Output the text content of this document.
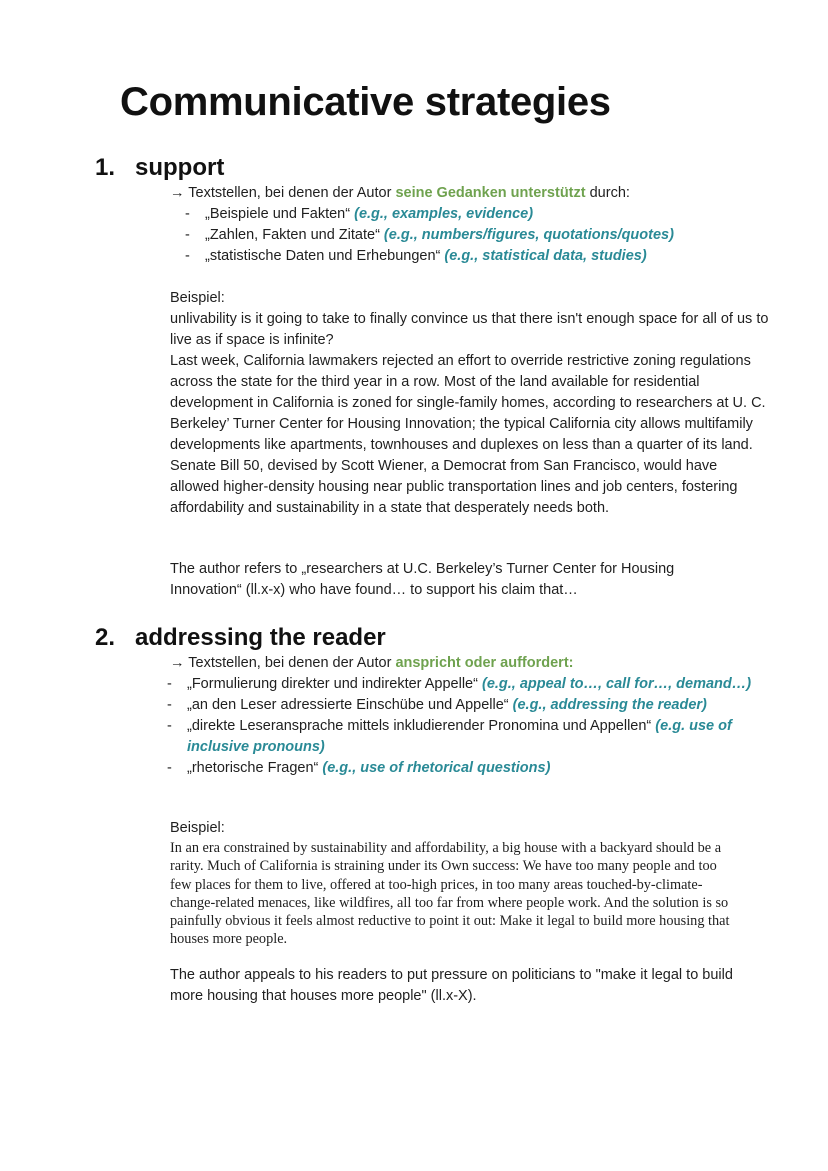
Communicative strategies
1. support
→ Textstellen, bei denen der Autor seine Gedanken unterstützt durch:
- „Beispiele und Fakten“ (e.g., examples, evidence)
- „Zahlen, Fakten und Zitate“ (e.g., numbers/figures, quotations/quotes)
- „statistische Daten und Erhebungen“ (e.g., statistical data, studies)

Beispiel:

unlivability is it going to take to finally convince us that there isn't enough space for all of us to live as if space is infinite?
Last week, California lawmakers rejected an effort to override restrictive zoning regulations across the state for the third year in a row. Most of the land available for residential development in California is zoned for single-family homes, according to researchers at U. C. Berkeley’ Turner Center for Housing Innovation; the typical California city allows multifamily developments like apartments, townhouses and duplexes on less than a quarter of its land. Senate Bill 50, devised by Scott Wiener, a Democrat from San Francisco, would have allowed higher-density housing near public transportation lines and job centers, fostering affordability and sustainability in a state that desperately needs both.

The author refers to „researchers at U.C. Berkeley’s Turner Center for Housing Innovation“ (ll.x-x) who have found… to support his claim that…

2. addressing the reader
→ Textstellen, bei denen der Autor anspricht oder auffordert:
- „Formulierung direkter und indirekter Appelle“ (e.g., appeal to…, call for…, demand…)
- „an den Leser adressierte Einschübe und Appelle“ (e.g., addressing the reader)
- „direkte Leseransprache mittels inkludierender Pronomina und Appellen“ (e.g. use of inclusive pronouns)
- „rhetorische Fragen“ (e.g., use of rhetorical questions)

Beispiel:

In an era constrained by sustainability and affordability, a big house with a backyard should be a rarity. Much of California is straining under its Own success: We have too many people and too few places for them to live, offered at too-high prices, in too many areas touched-by-climate-change-related menaces, like wildfires, all too far from where people work. And the solution is so painfully obvious it feels almost reductive to point it out: Make it legal to build more housing that houses more people.

The author appeals to his readers to put pressure on politicians to "make it legal to build more housing that houses more people" (ll.x-X).
